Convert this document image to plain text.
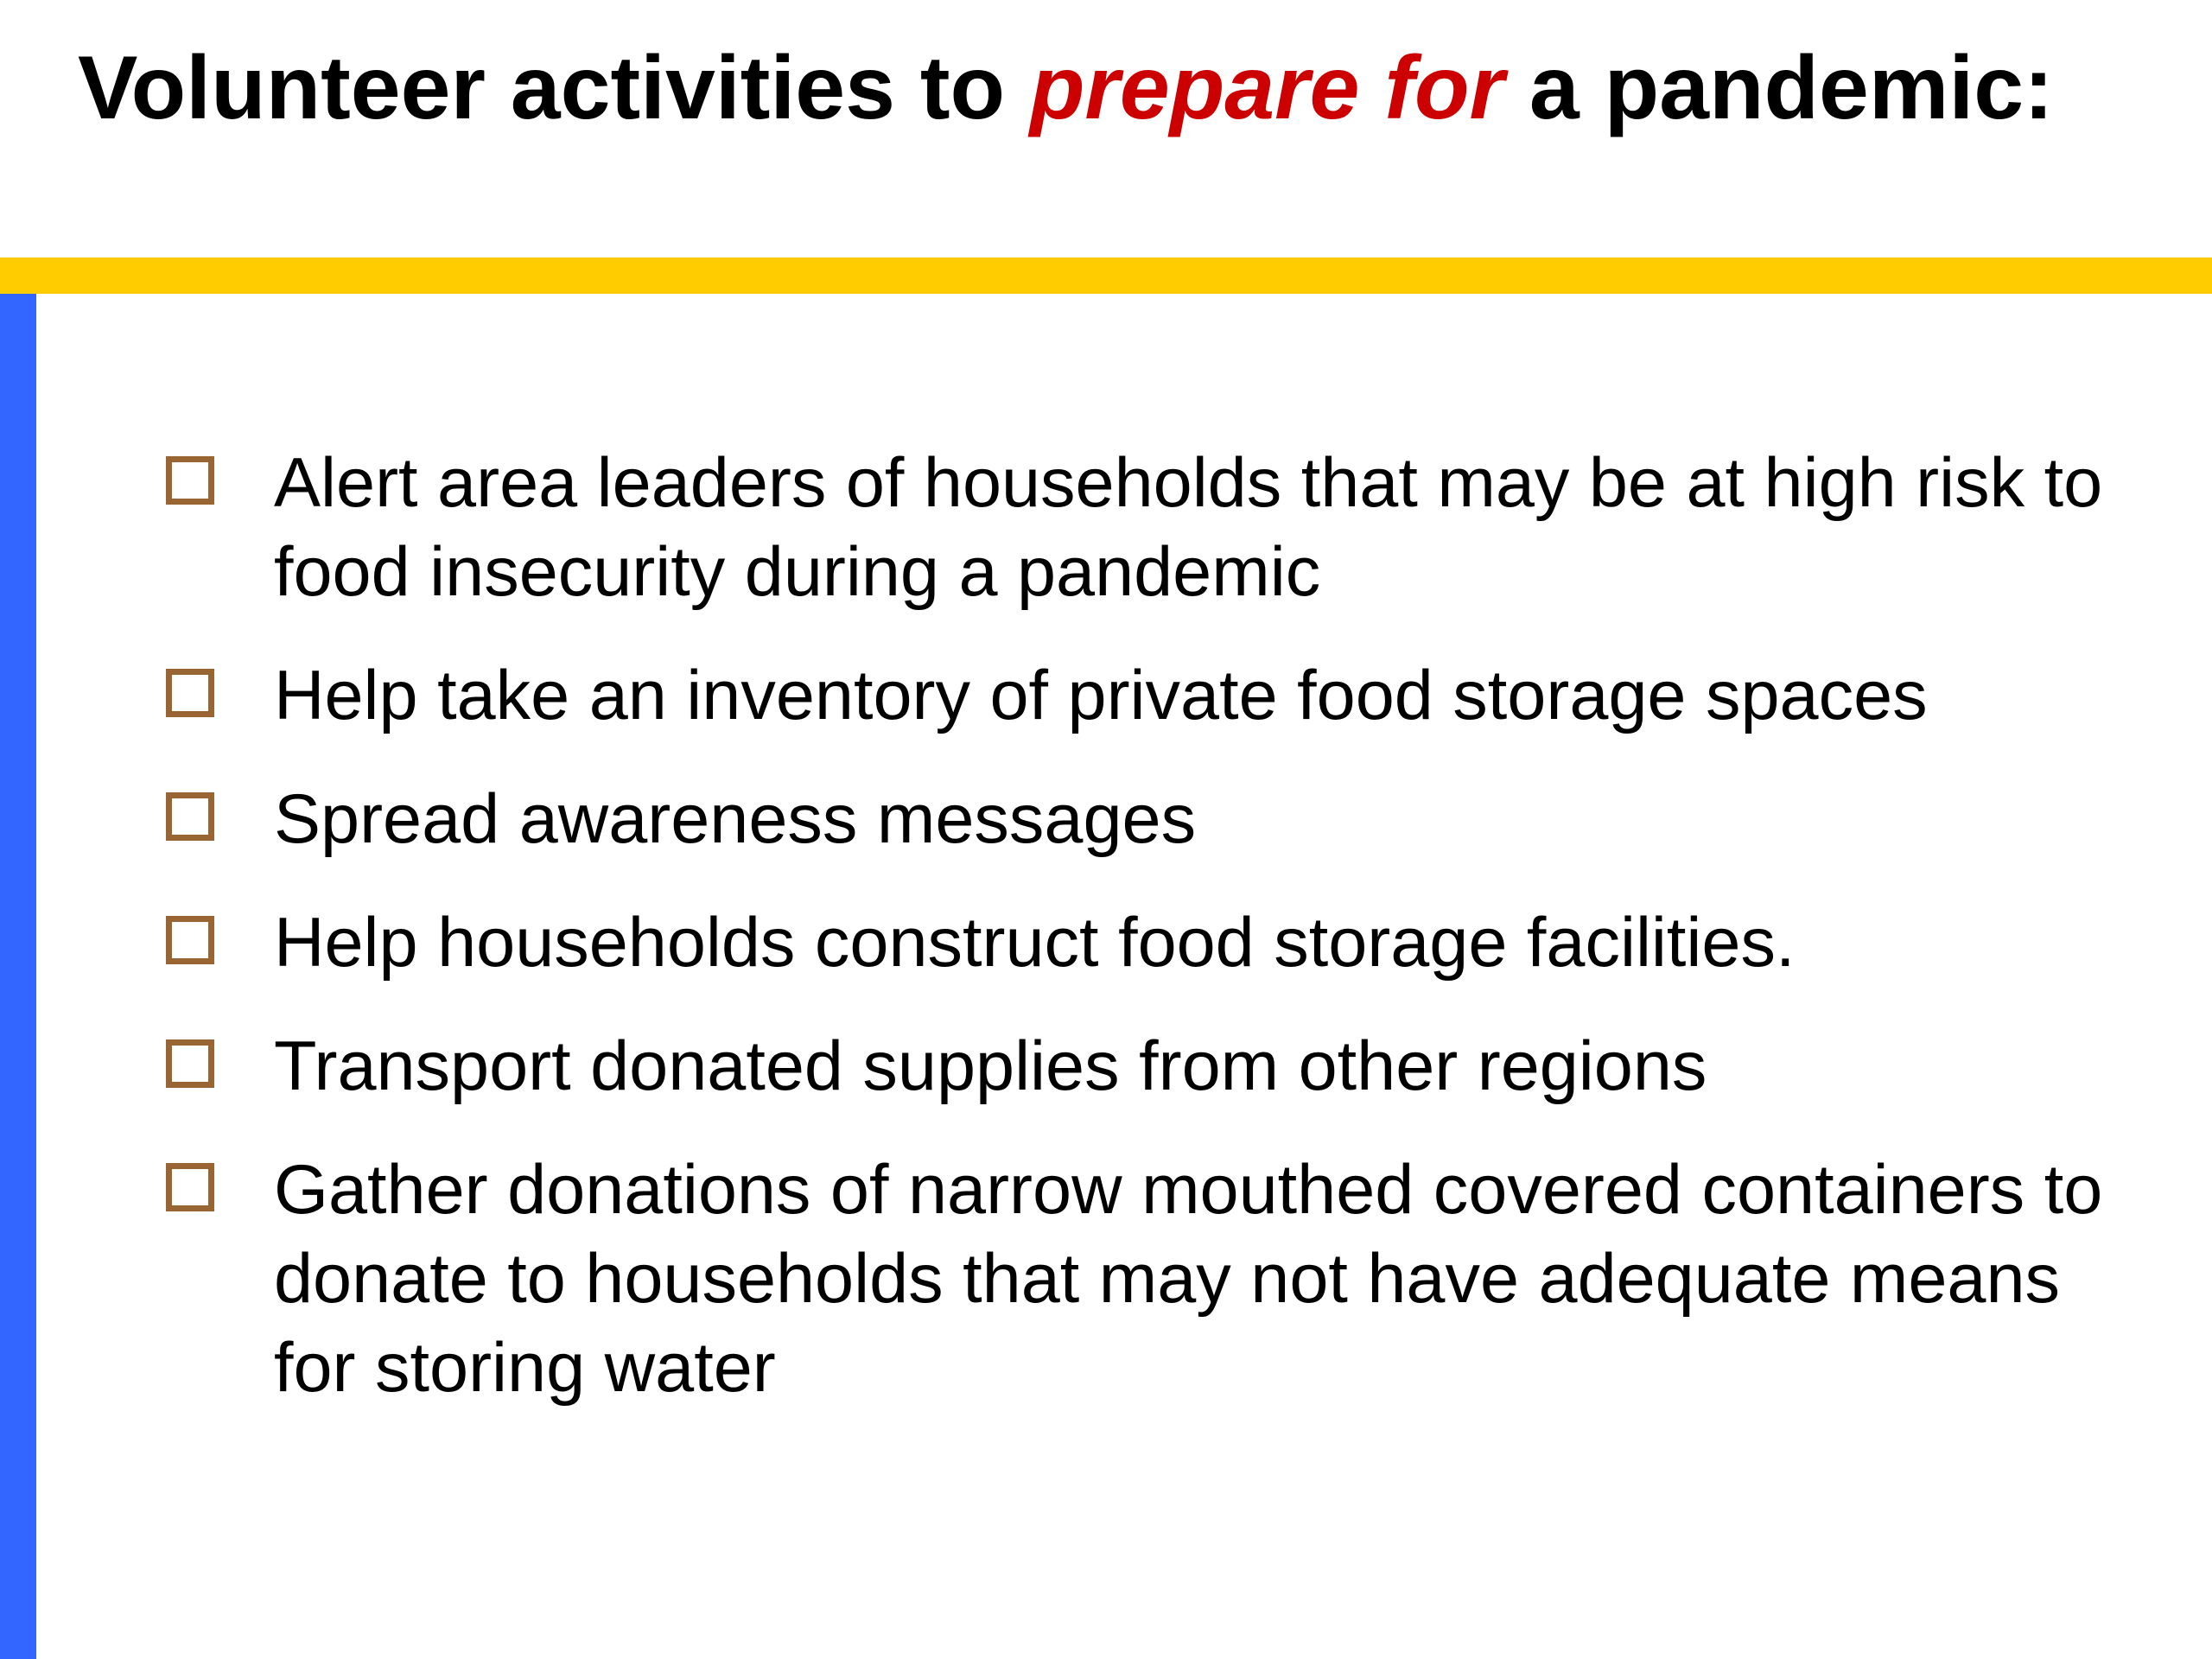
Volunteer activities to prepare for a pandemic:
Alert area leaders of households that may be at high risk to food insecurity during a pandemic
Help take an inventory of private food storage spaces
Spread awareness messages
Help households construct food storage facilities.
Transport donated supplies from other regions
Gather donations of narrow mouthed covered containers to donate to households that may not have adequate means for storing water
